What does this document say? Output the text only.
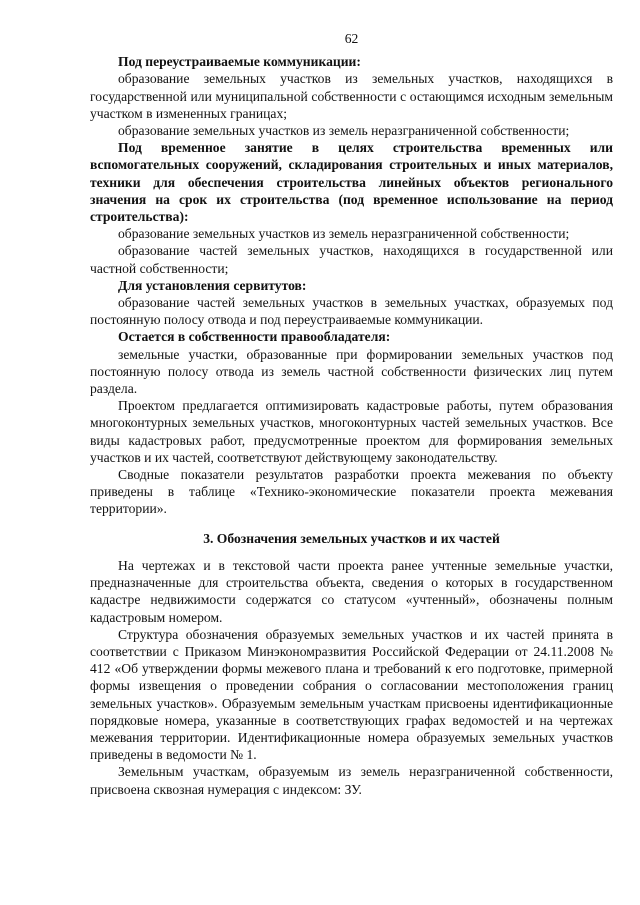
62

Под переустраиваемые коммуникации:

образование земельных участков из земельных участков, находящихся в государственной или муниципальной собственности с остающимся исходным земельным участком в измененных границах;

образование земельных участков из земель неразграниченной собственности;

Под временное занятие в целях строительства временных или вспомогательных сооружений, складирования строительных и иных материалов, техники для обеспечения строительства линейных объектов регионального значения на срок их строительства (под временное использование на период строительства):

образование земельных участков из земель неразграниченной собственности;

образование частей земельных участков, находящихся в государственной или частной собственности;

Для установления сервитутов:

образование частей земельных участков в земельных участках, образуемых под постоянную полосу отвода и под переустраиваемые коммуникации.

Остается в собственности правообладателя:

земельные участки, образованные при формировании земельных участков под постоянную полосу отвода из земель частной собственности физических лиц путем раздела.

Проектом предлагается оптимизировать кадастровые работы, путем образования многоконтурных земельных участков, многоконтурных частей земельных участков. Все виды кадастровых работ, предусмотренные проектом для формирования земельных участков и их частей, соответствуют действующему законодательству.

Сводные показатели результатов разработки проекта межевания по объекту приведены в таблице «Технико-экономические показатели проекта межевания территории».

3. Обозначения земельных участков и их частей

На чертежах и в текстовой части проекта ранее учтенные земельные участки, предназначенные для строительства объекта, сведения о которых в государственном кадастре недвижимости содержатся со статусом «учтенный», обозначены полным кадастровым номером.

Структура обозначения образуемых земельных участков и их частей принята в соответствии с Приказом Минэкономразвития Российской Федерации от 24.11.2008 № 412 «Об утверждении формы межевого плана и требований к его подготовке, примерной формы извещения о проведении собрания о согласовании местоположения границ земельных участков». Образуемым земельным участкам присвоены идентификационные порядковые номера, указанные в соответствующих графах ведомостей и на чертежах межевания территории. Идентификационные номера образуемых земельных участков приведены в ведомости № 1.

Земельным участкам, образуемым из земель неразграниченной собственности, присвоена сквозная нумерация с индексом: ЗУ.
